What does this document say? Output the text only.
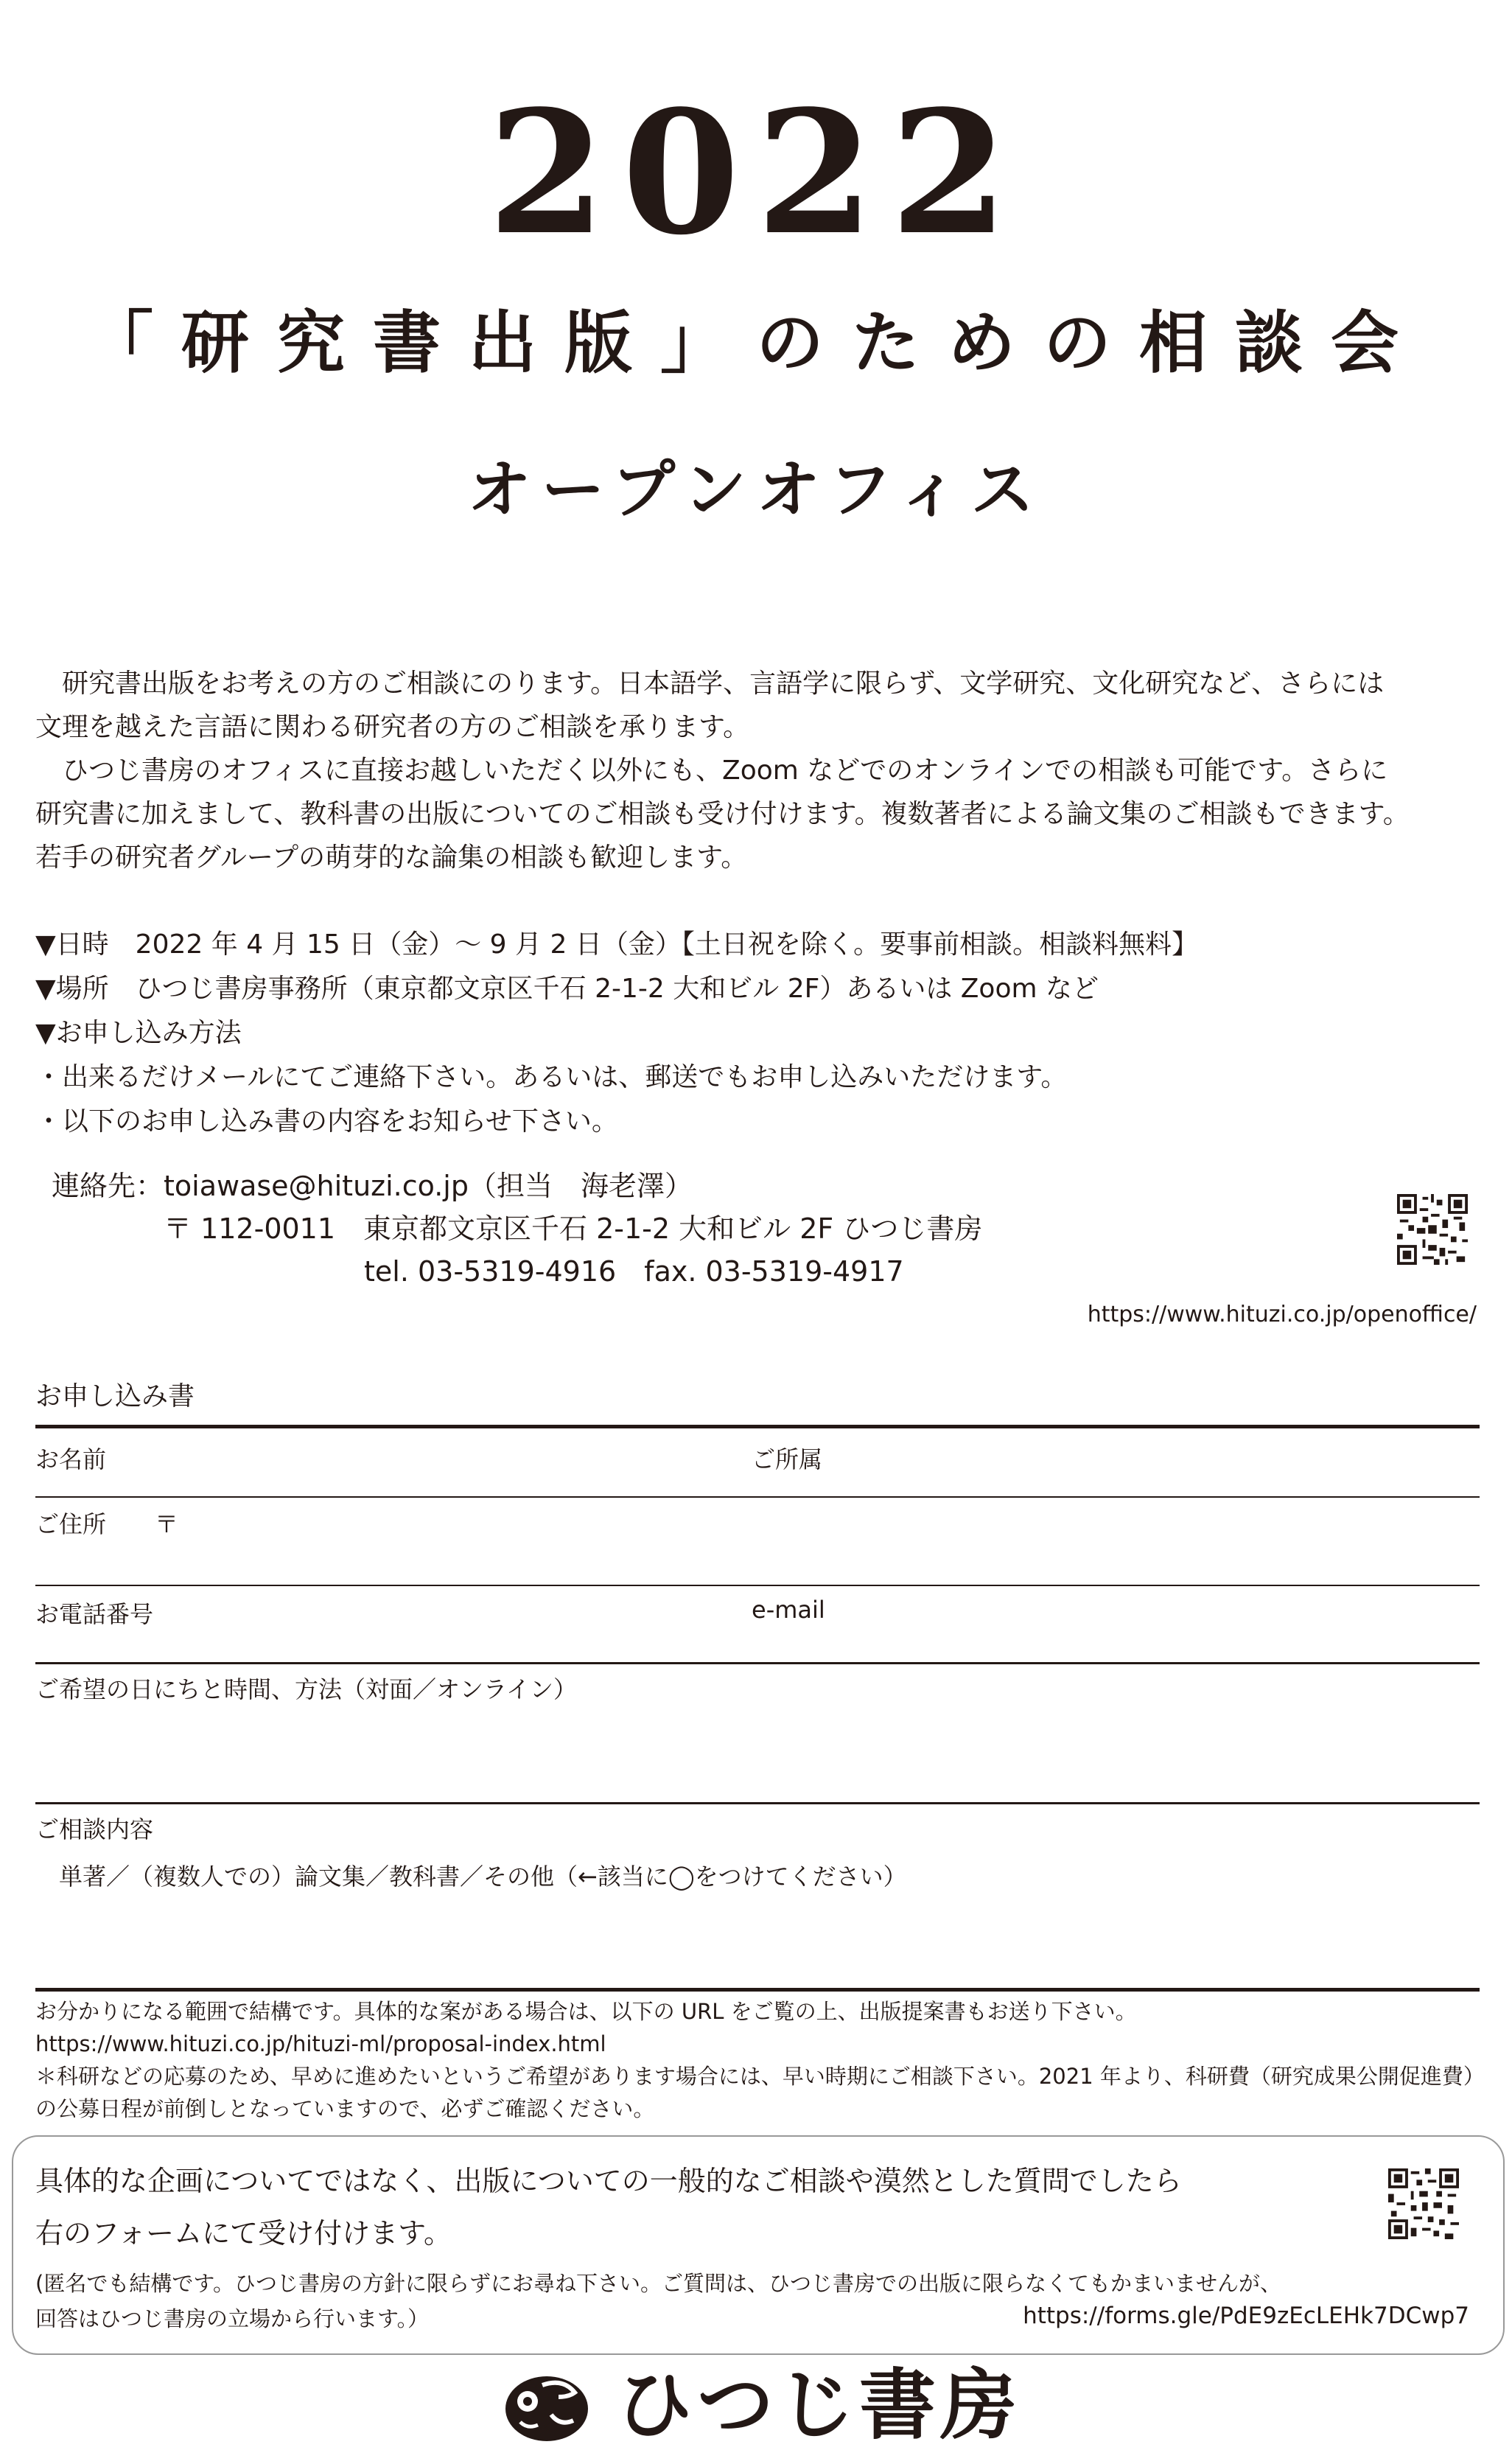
2022
「研究書出版」のための相談会
オープンオフィス

　研究書出版をお考えの方のご相談にのります。日本語学、言語学に限らず、文学研究、文化研究など、さらには

文理を越えた言語に関わる研究者の方のご相談を承ります。

　ひつじ書房のオフィスに直接お越しいただく以外にも、Zoom などでのオンラインでの相談も可能です。さらに

研究書に加えまして、教科書の出版についてのご相談も受け付けます。複数著者による論文集のご相談もできます。

若手の研究者グループの萌芽的な論集の相談も歓迎します。

▼日時　2022 年 4 月 15 日（金）～ 9 月 2 日（金）【土日祝を除く。要事前相談。相談料無料】

▼場所　ひつじ書房事務所（東京都文京区千石 2-1-2 大和ビル 2F）あるいは Zoom など

▼お申し込み方法

・出来るだけメールにてご連絡下さい。あるいは、郵送でもお申し込みいただけます。

・以下のお申し込み書の内容をお知らせ下さい。

連絡先：toiawase@hituzi.co.jp（担当　海老澤）
〒 112-0011　東京都文京区千石 2-1-2 大和ビル 2F ひつじ書房
tel. 03-5319-4916　fax. 03-5319-4917
https://www.hituzi.co.jp/openoffice/
お申し込み書
お名前	ご所属
ご住所 〒
お電話番号	e-mail
ご希望の日にちと時間、方法（対面／オンライン）
ご相談内容
単著／（複数人での）論文集／教科書／その他（←該当に◯をつけてください）

お分かりになる範囲で結構です。具体的な案がある場合は、以下の URL をご覧の上、出版提案書もお送り下さい。

https://www.hituzi.co.jp/hituzi-ml/proposal-index.html

＊科研などの応募のため、早めに進めたいというご希望があります場合には、早い時期にご相談下さい。2021 年より、科研費（研究成果公開促進費）

の公募日程が前倒しとなっていますので、必ずご確認ください。

具体的な企画についてではなく、出版についての一般的なご相談や漠然とした質問でしたら
右のフォームにて受け付けます。
(匿名でも結構です。ひつじ書房の方針に限らずにお尋ね下さい。ご質問は、ひつじ書房での出版に限らなくてもかまいませんが、
回答はひつじ書房の立場から行います。）	https://forms.gle/PdE9zEcLEHk7DCwp7
ひつじ書房
